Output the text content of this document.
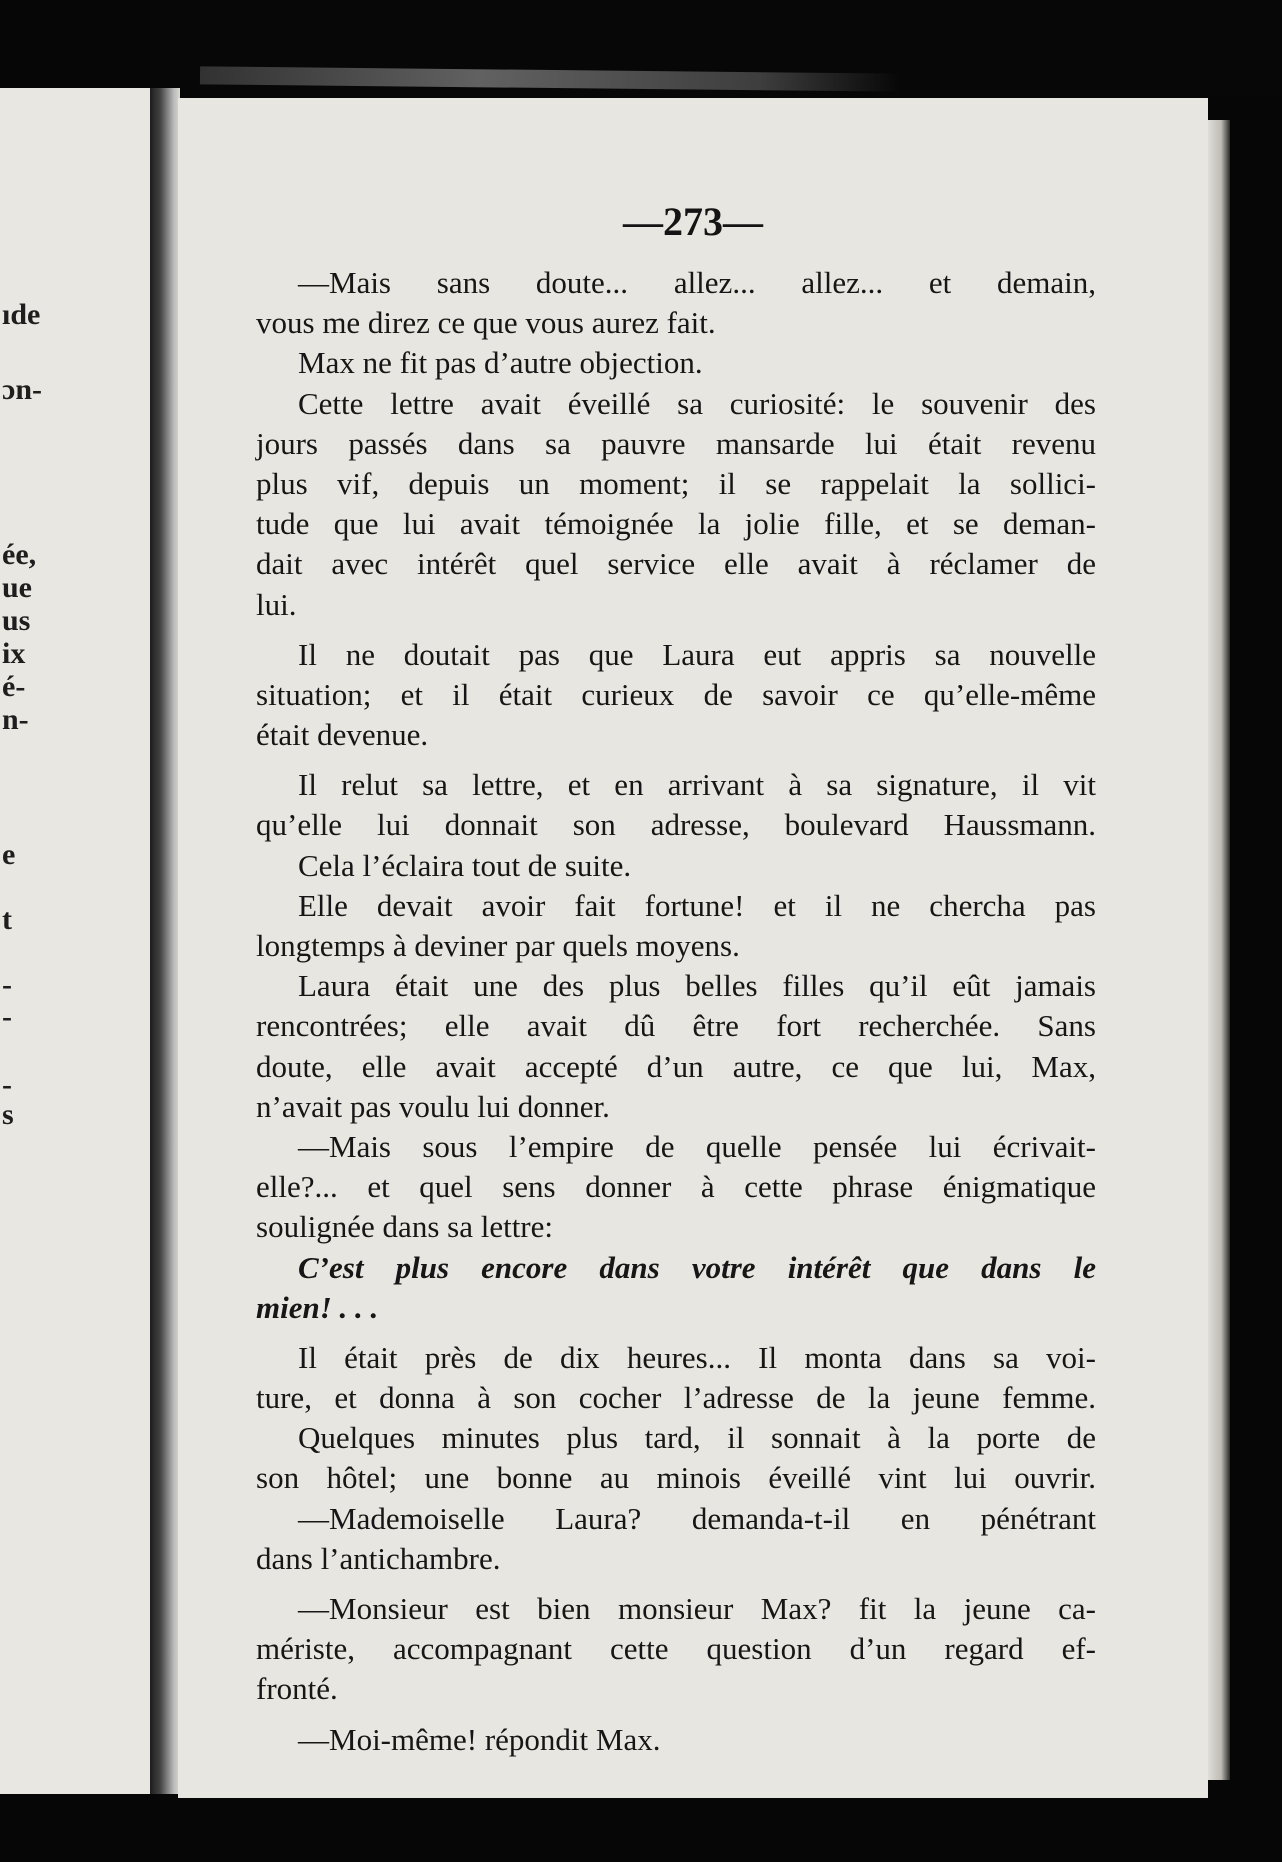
ıde
ɔn-
ée,
ue
us
ix
é-
n-
e
t
-
-
-
s
—273—
—Mais sans doute... allez... allez... et demain,
vous me direz ce que vous aurez fait.
Max ne fit pas d’autre objection.
Cette lettre avait éveillé sa curiosité: le souvenir des
jours passés dans sa pauvre mansarde lui était revenu
plus vif, depuis un moment; il se rappelait la sollici-
tude que lui avait témoignée la jolie fille, et se deman-
dait avec intérêt quel service elle avait à réclamer de
lui.
Il ne doutait pas que Laura eut appris sa nouvelle
situation; et il était curieux de savoir ce qu’elle-même
était devenue.
Il relut sa lettre, et en arrivant à sa signature, il vit
qu’elle lui donnait son adresse, boulevard Haussmann.
Cela l’éclaira tout de suite.
Elle devait avoir fait fortune! et il ne chercha pas
longtemps à deviner par quels moyens.
Laura était une des plus belles filles qu’il eût jamais
rencontrées; elle avait dû être fort recherchée. Sans
doute, elle avait accepté d’un autre, ce que lui, Max,
n’avait pas voulu lui donner.
—Mais sous l’empire de quelle pensée lui écrivait-
elle?... et quel sens donner à cette phrase énigmatique
soulignée dans sa lettre:
C’est plus encore dans votre intérêt que dans le
mien! . . .
Il était près de dix heures... Il monta dans sa voi-
ture, et donna à son cocher l’adresse de la jeune femme.
Quelques minutes plus tard, il sonnait à la porte de
son hôtel; une bonne au minois éveillé vint lui ouvrir.
—Mademoiselle Laura? demanda-t-il en pénétrant
dans l’antichambre.
—Monsieur est bien monsieur Max? fit la jeune ca-
mériste, accompagnant cette question d’un regard ef-
fronté.
—Moi-même! répondit Max.
